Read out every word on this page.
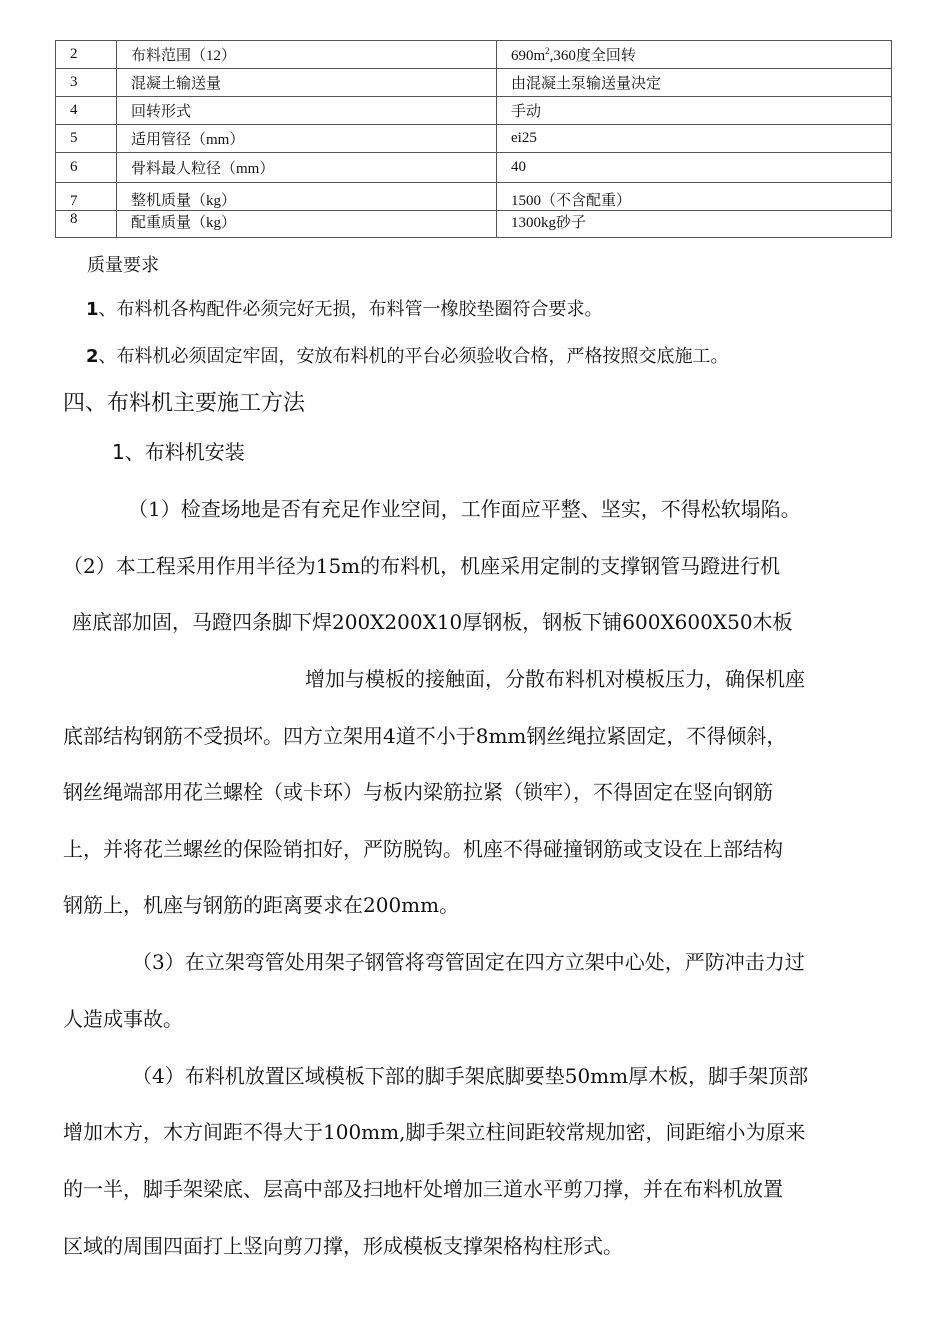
2	布料范围（12）	$690m^2,360$度全回转
3	混凝土输送量	由混凝土泵输送量决定
4	回转形式	手动
5	适用管径（mm）	ei25
6	骨料最人粒径（mm）	40
7	整机质量（kg）	1500（不含配重）
8	配重质量（kg）	1300kg砂子
质量要求
1、布料机各构配件必须完好无损，布料管一橡胶垫圈符合要求。
2、布料机必须固定牢固，安放布料机的平台必须验收合格，严格按照交底施工。
四、布料机主要施工方法
1、布料机安装
（1）检查场地是否有充足作业空间，工作面应平整、坚实，不得松软塌陷。
（2）本工程采用作用半径为15m的布料机，机座采用定制的支撑钢管马蹬进行机
座底部加固，马蹬四条脚下焊200X200X10厚钢板，钢板下铺600X600X50木板
增加与模板的接触面，分散布料机对模板压力，确保机座
底部结构钢筋不受损坏。四方立架用4道不小于8mm钢丝绳拉紧固定，不得倾斜，
钢丝绳端部用花兰螺栓（或卡环）与板内梁筋拉紧（锁牢），不得固定在竖向钢筋
上，并将花兰螺丝的保险销扣好，严防脱钩。机座不得碰撞钢筋或支设在上部结构
钢筋上，机座与钢筋的距离要求在200mm。
（3）在立架弯管处用架子钢管将弯管固定在四方立架中心处，严防冲击力过
人造成事故。
（4）布料机放置区域模板下部的脚手架底脚要垫50mm厚木板，脚手架顶部
增加木方，木方间距不得大于100mm,脚手架立柱间距较常规加密，间距缩小为原来
的一半，脚手架梁底、层高中部及扫地杆处增加三道水平剪刀撑，并在布料机放置
区域的周围四面打上竖向剪刀撑，形成模板支撑架格构柱形式。
